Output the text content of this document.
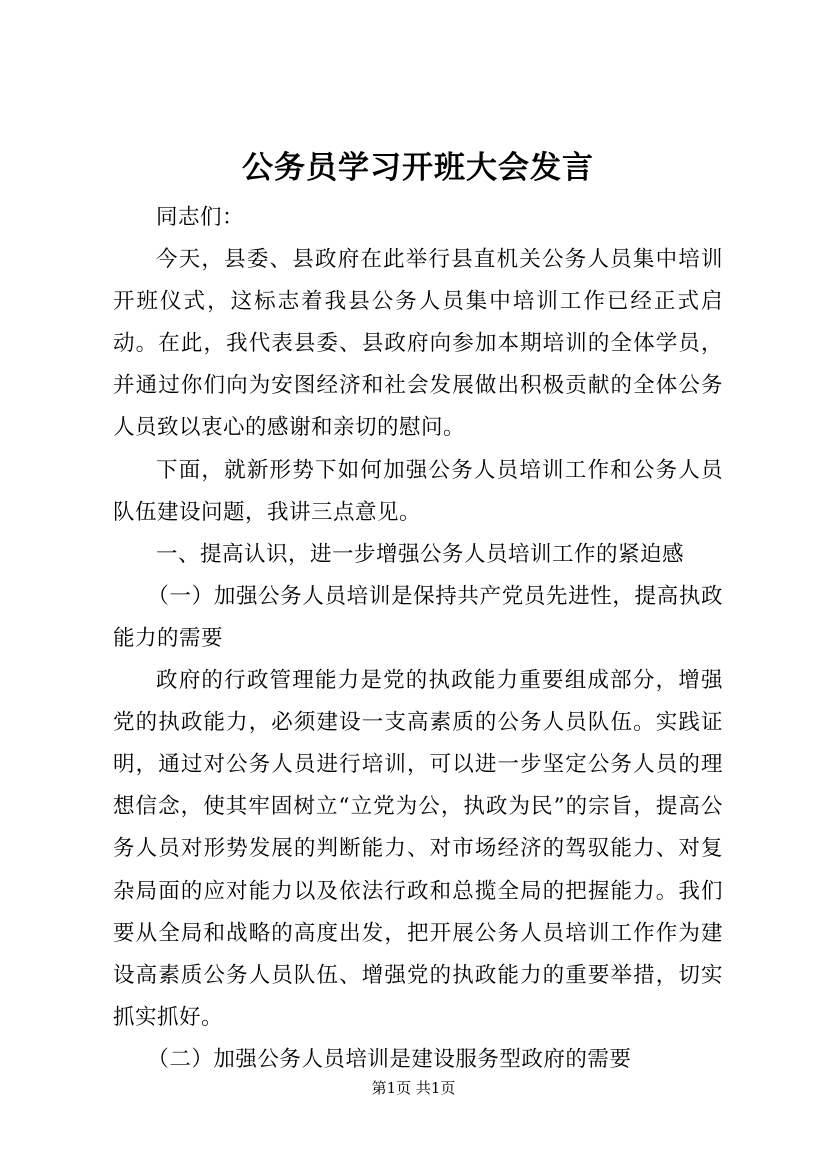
公务员学习开班大会发言

同志们：

今天，县委、县政府在此举行县直机关公务人员集中培训开班仪式，这标志着我县公务人员集中培训工作已经正式启动。在此，我代表县委、县政府向参加本期培训的全体学员，并通过你们向为安图经济和社会发展做出积极贡献的全体公务人员致以衷心的感谢和亲切的慰问。

下面，就新形势下如何加强公务人员培训工作和公务人员队伍建设问题，我讲三点意见。

一、提高认识，进一步增强公务人员培训工作的紧迫感

（一）加强公务人员培训是保持共产党员先进性，提高执政能力的需要

政府的行政管理能力是党的执政能力重要组成部分，增强党的执政能力，必须建设一支高素质的公务人员队伍。实践证明，通过对公务人员进行培训，可以进一步坚定公务人员的理想信念，使其牢固树立“立党为公，执政为民”的宗旨，提高公务人员对形势发展的判断能力、对市场经济的驾驭能力、对复杂局面的应对能力以及依法行政和总揽全局的把握能力。我们要从全局和战略的高度出发，把开展公务人员培训工作作为建设高素质公务人员队伍、增强党的执政能力的重要举措，切实抓实抓好。

（二）加强公务人员培训是建设服务型政府的需要

第1页 共1页
